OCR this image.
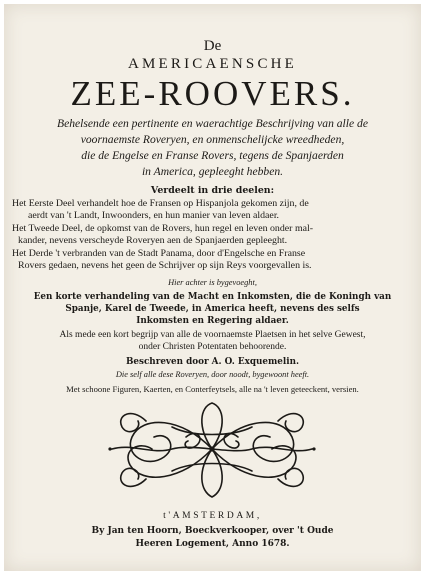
De
AMERICAENSCHE
ZEE-ROOVERS.
Behelsende een pertinente en waerachtige Beschrijving van alle de
voornaemste Roveryen, en onmenschelijcke wreedheden,
die de Engelse en Franse Rovers, tegens de Spanjaerden
in America, gepleeght hebben.
Verdeelt in drie deelen:
Het Eerste Deel verhandelt hoe de Fransen op Hispanjola gekomen zijn, de
aerdt van 't Landt, Inwoonders, en hun manier van leven aldaer.
Het Tweede Deel, de opkomst van de Rovers, hun regel en leven onder mal-
kander, nevens verscheyde Roveryen aen de Spanjaerden gepleeght.
Het Derde 't verbranden van de Stadt Panama, door d'Engelsche en Franse
Rovers gedaen, nevens het geen de Schrijver op sijn Reys voorgevallen is.
Hier achter is bygevoeght,
Een korte verhandeling van de Macht en Inkomsten, die de Koningh van
Spanje, Karel de Tweede, in America heeft, nevens des selfs
Inkomsten en Regering aldaer.
Als mede een kort begrijp van alle de voornaemste Plaetsen in het selve Gewest,
onder Christen Potentaten behoorende.
Beschreven door A. O. Exquemelin.
Die self alle dese Roveryen, door noodt, bygewoont heeft.
Met schoone Figuren, Kaerten, en Conterfeytsels, alle na 't leven geteeckent, versien.
t'AMSTERDAM,
By Jan ten Hoorn, Boeckverkooper, over 't Oude
Heeren Logement, Anno 1678.
